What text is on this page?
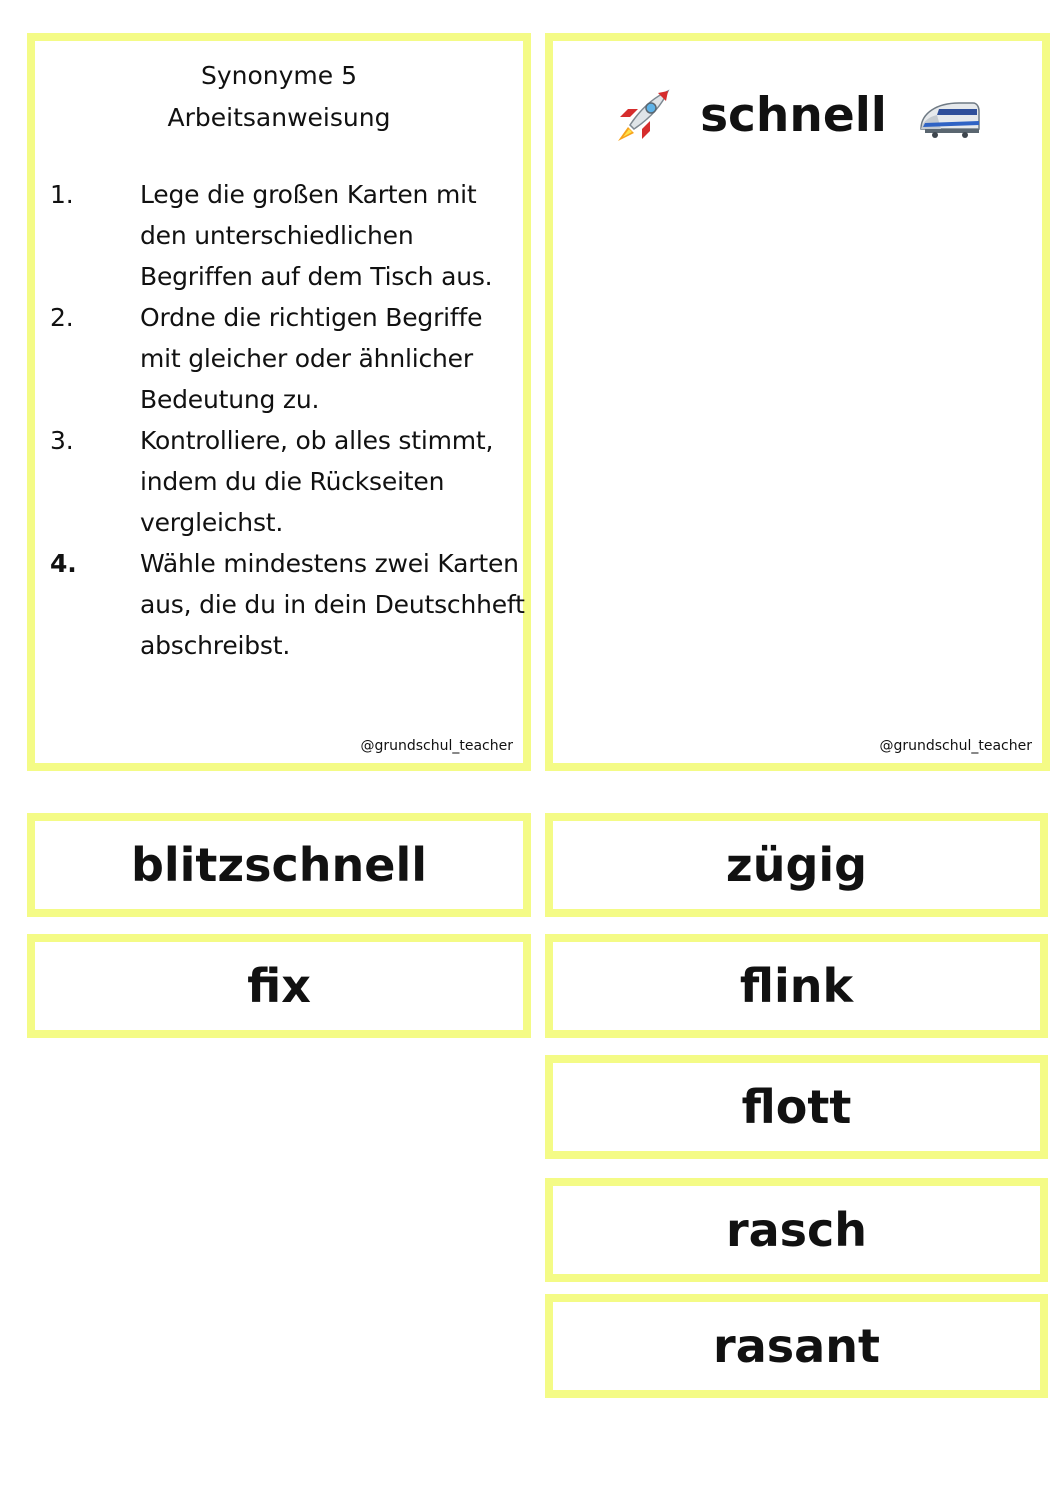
Synonyme 5
Arbeitsanweisung
1.	Lege die großen Karten mit den unterschiedlichen Begriffen auf dem Tisch aus.
2.	Ordne die richtigen Begriffe mit gleicher oder ähnlicher Bedeutung zu.
3.	Kontrolliere, ob alles stimmt, indem du die Rückseiten vergleichst.
4.	Wähle mindestens zwei Karten aus, die du in dein Deutschheft abschreibst.
@grundschul_teacher
schnell
@grundschul_teacher
blitzschnell
fix
zügig
flink
flott
rasch
rasant
